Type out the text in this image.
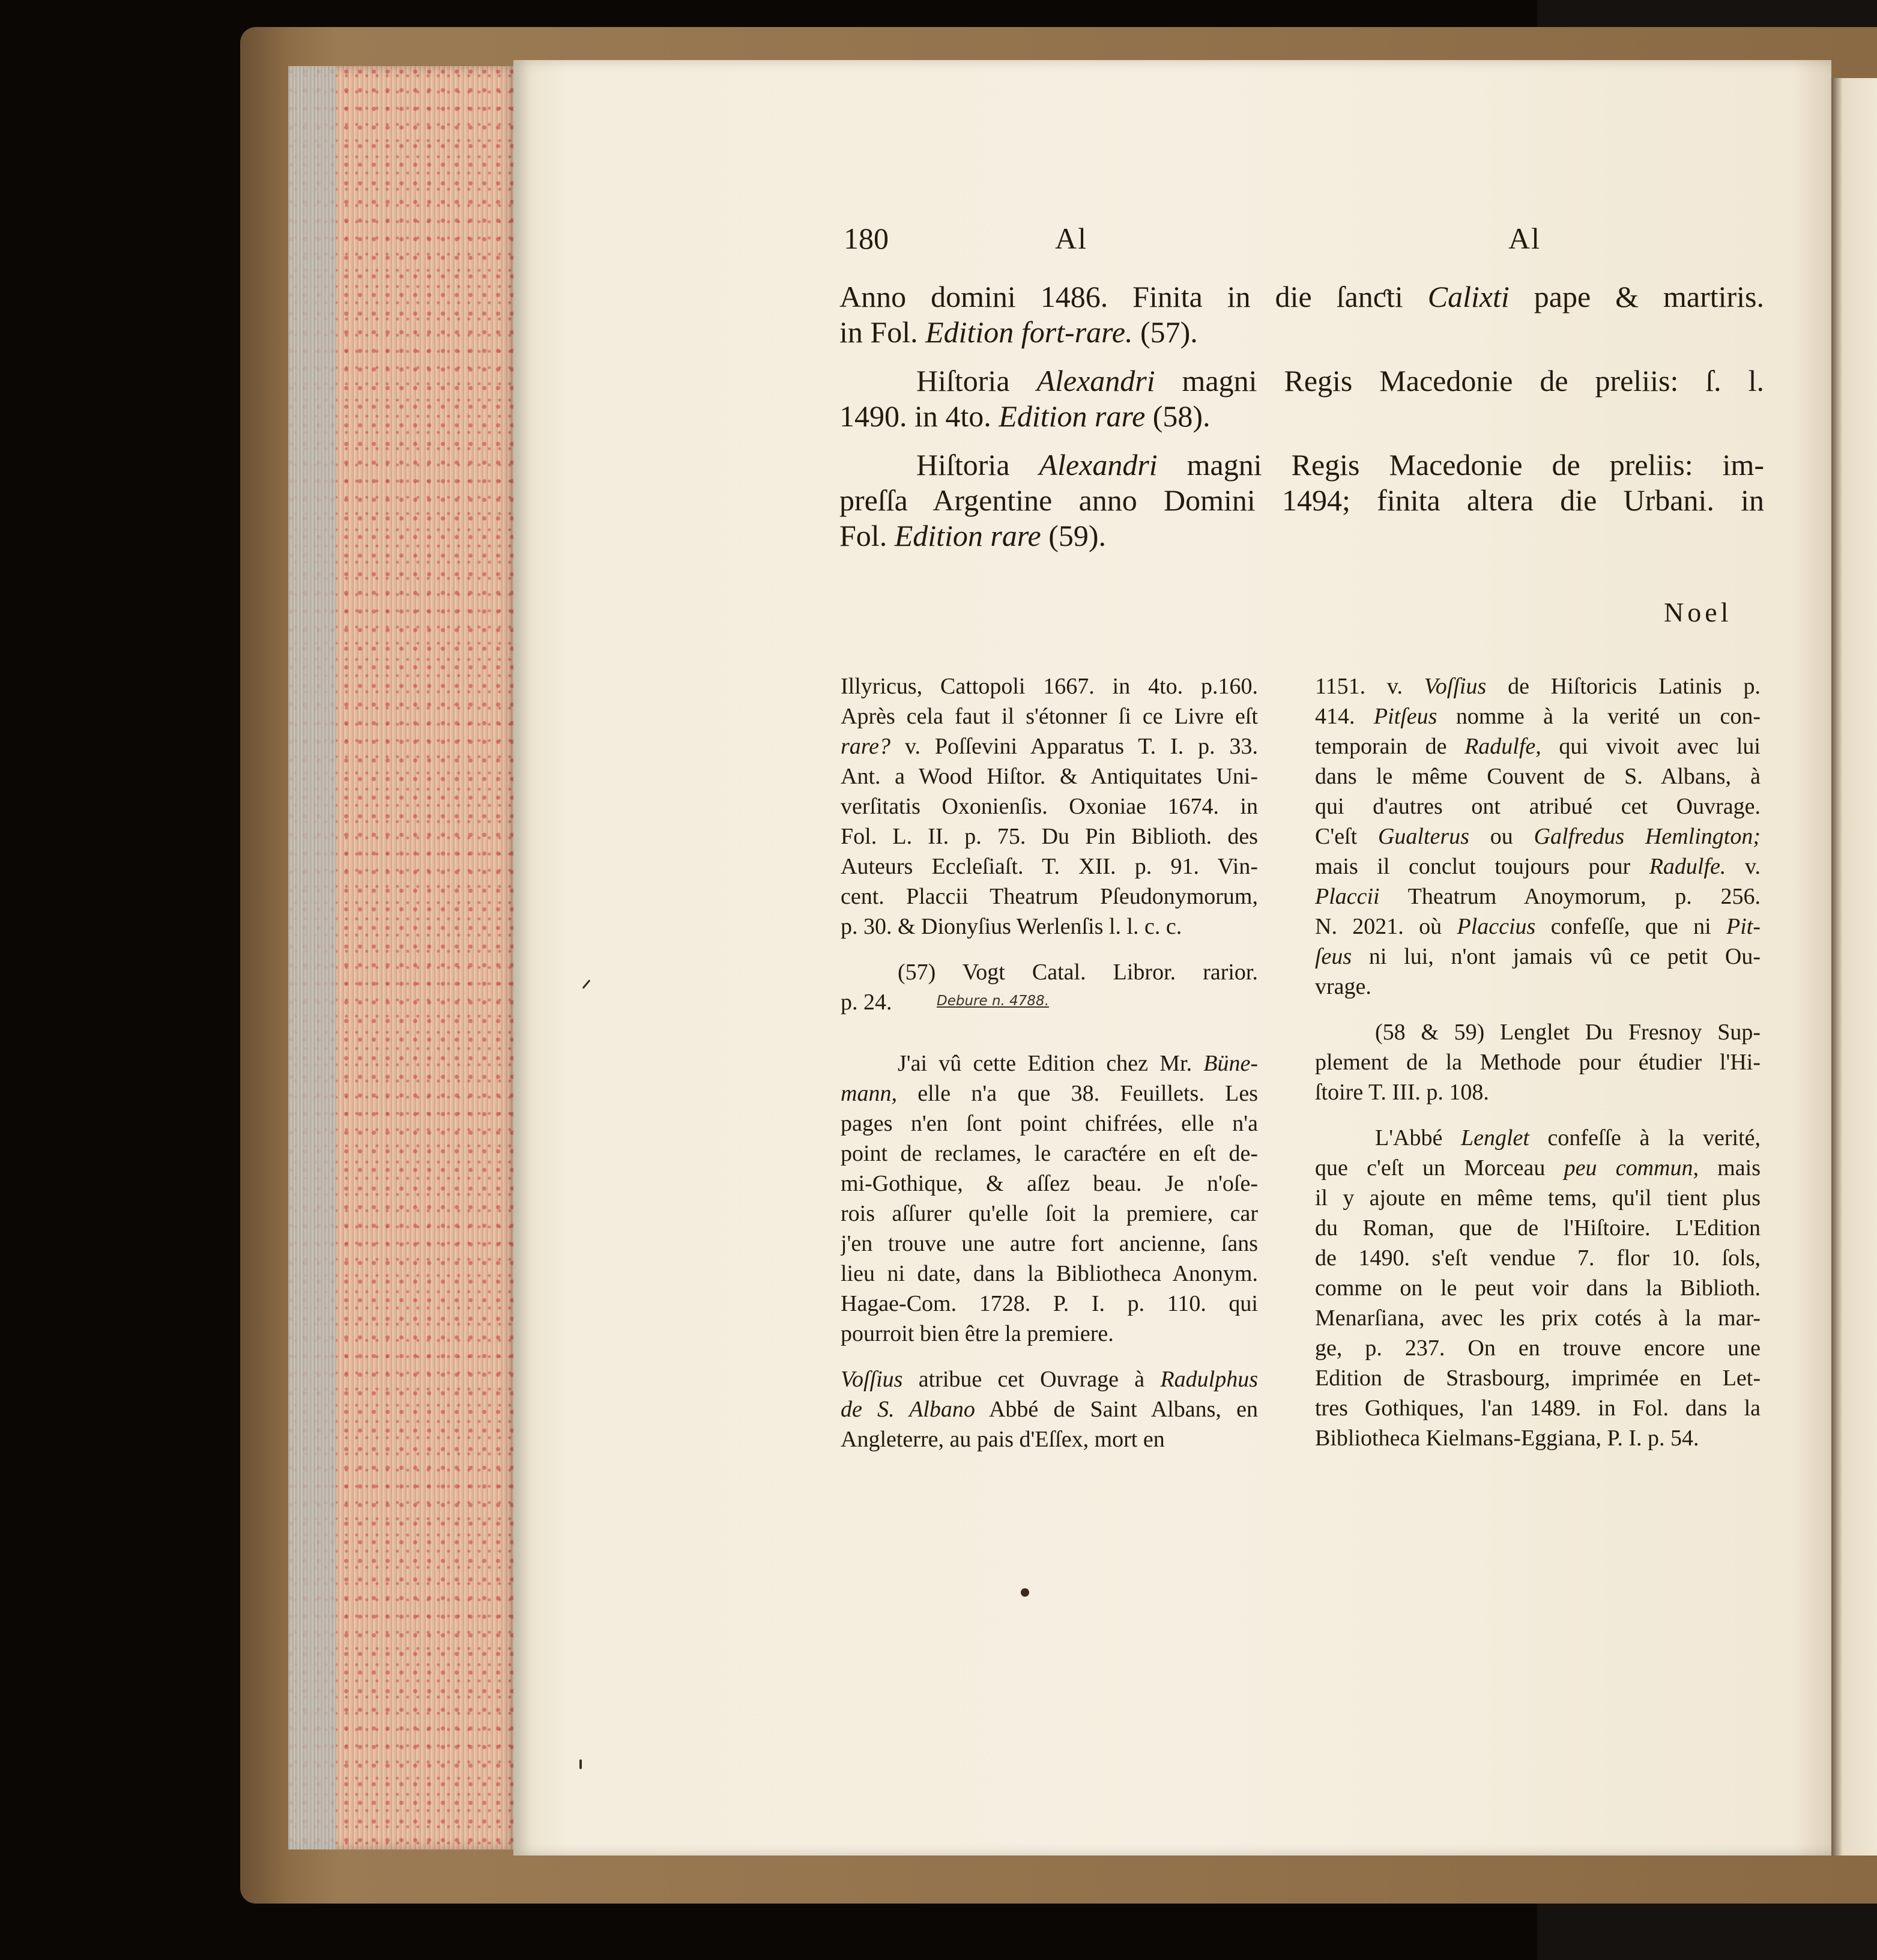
180	Al	Al
Anno domini 1486. Finita in die ſanƈti Calixti pape & martiris.
in Fol. Edition fort-rare. (57).
Hiſtoria Alexandri magni Regis Macedonie de preliis: ſ. l.
1490. in 4to. Edition rare (58).
Hiſtoria Alexandri magni Regis Macedonie de preliis: im-
preſſa Argentine anno Domini 1494; finita altera die Urbani. in
Fol. Edition rare (59).
Noel
Illyricus, Cattopoli 1667. in 4to. p.160.
Après cela faut il s'étonner ſi ce Livre eſt
rare? v. Poſſevini Apparatus T. I. p. 33.
Ant. a Wood Hiſtor. & Antiquitates Uni-
verſitatis Oxonienſis. Oxoniae 1674. in
Fol. L. II. p. 75. Du Pin Biblioth. des
Auteurs Eccleſiaſt. T. XII. p. 91. Vin-
cent. Placcii Theatrum Pſeudonymorum,
p. 30. & Dionyſius Werlenſis l. l. c. c.
(57) Vogt Catal. Libror. rarior.
p. 24.	Debure n. 4788.
J'ai vû cette Edition chez Mr. Büne-
mann, elle n'a que 38. Feuillets. Les
pages n'en ſont point chifrées, elle n'a
point de reclames, le caraƈtére en eſt de-
mi-Gothique, & aſſez beau. Je n'oſe-
rois aſſurer qu'elle ſoit la premiere, car
j'en trouve une autre fort ancienne, ſans
lieu ni date, dans la Bibliotheca Anonym.
Hagae-Com. 1728. P. I. p. 110. qui
pourroit bien être la premiere.
Voſſius atribue cet Ouvrage à Radulphus
de S. Albano Abbé de Saint Albans, en
Angleterre, au pais d'Eſſex, mort en
1151. v. Voſſius de Hiſtoricis Latinis p.
414. Pitſeus nomme à la verité un con-
temporain de Radulfe, qui vivoit avec lui
dans le même Couvent de S. Albans, à
qui d'autres ont atribué cet Ouvrage.
C'eſt Gualterus ou Galfredus Hemlington;
mais il conclut toujours pour Radulfe. v.
Placcii Theatrum Anoymorum, p. 256.
N. 2021. où Placcius confeſſe, que ni Pit-
ſeus ni lui, n'ont jamais vû ce petit Ou-
vrage.
(58 & 59) Lenglet Du Fresnoy Sup-
plement de la Methode pour étudier l'Hi-
ſtoire T. III. p. 108.
L'Abbé Lenglet confeſſe à la verité,
que c'eſt un Morceau peu commun, mais
il y ajoute en même tems, qu'il tient plus
du Roman, que de l'Hiſtoire. L'Edition
de 1490. s'eſt vendue 7. flor 10. ſols,
comme on le peut voir dans la Biblioth.
Menarſiana, avec les prix cotés à la mar-
ge, p. 237. On en trouve encore une
Edition de Strasbourg, imprimée en Let-
tres Gothiques, l'an 1489. in Fol. dans la
Bibliotheca Kielmans-Eggiana, P. I. p. 54.
